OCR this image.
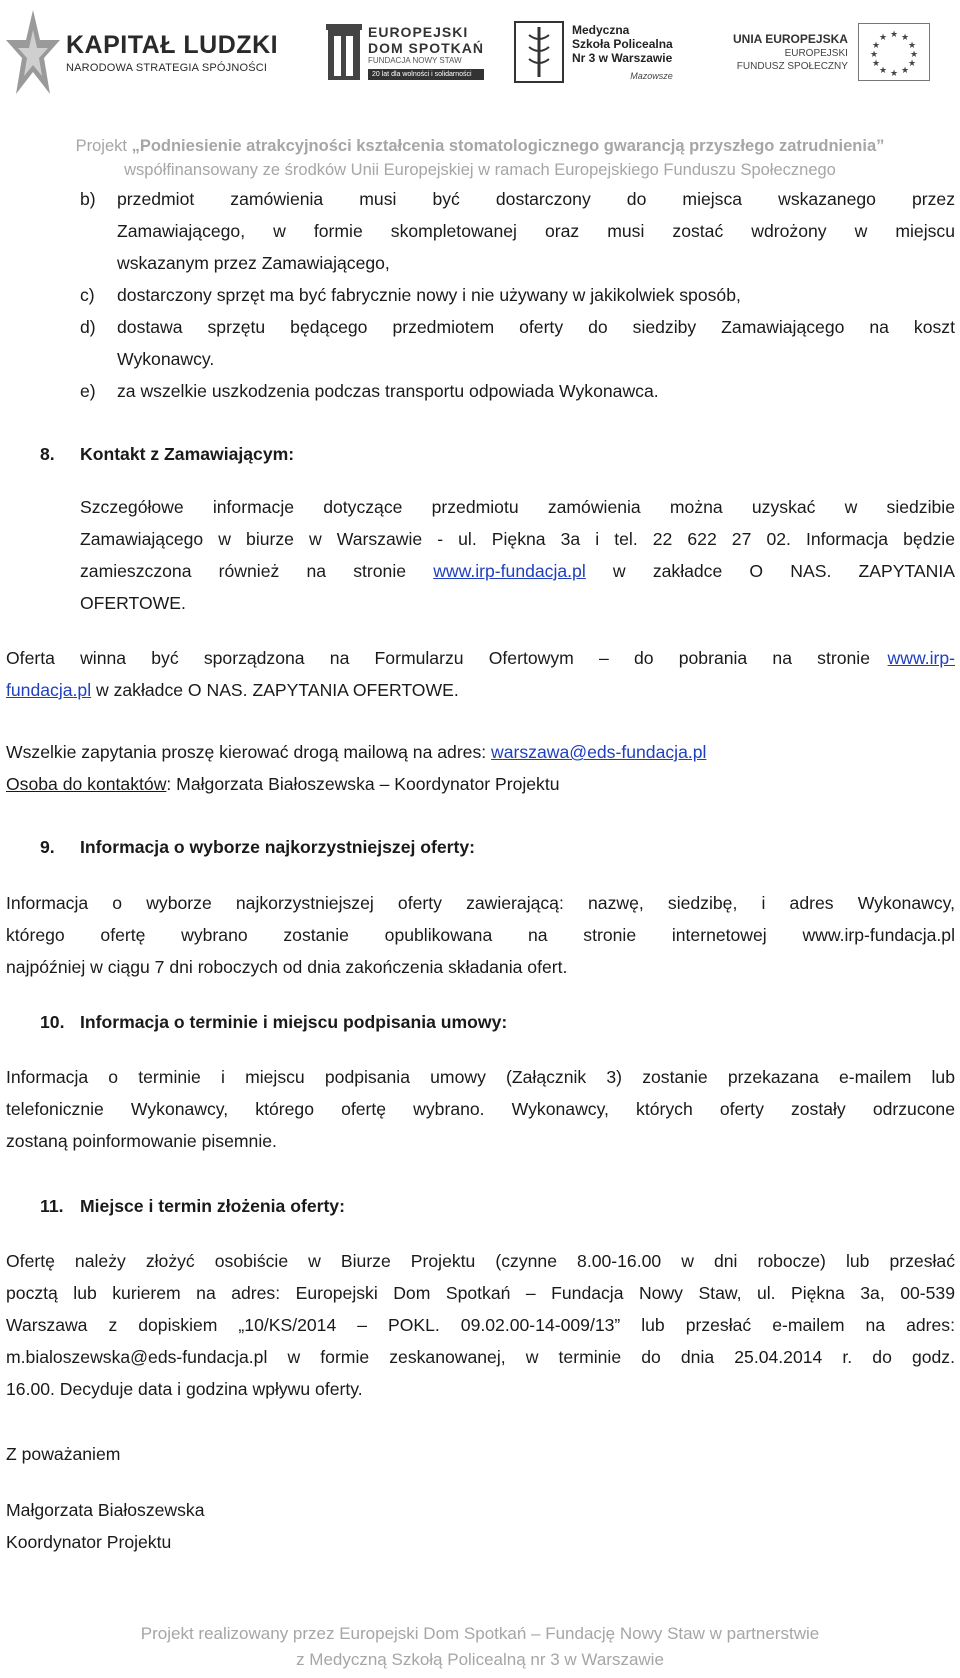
KAPITAŁ LUDZKI
NARODOWA STRATEGIA SPÓJNOŚCI
EUROPEJSKI
DOM SPOTKAŃ
FUNDACJA NOWY STAW
20 lat dla wolności i solidarności
Medyczna
Szkoła Policealna
Nr 3 w Warszawie
Mazowsze
UNIA EUROPEJSKA
EUROPEJSKI
FUNDUSZ SPOŁECZNY
★ ★
★
★
★
★
★
★
★
★
★
★
Projekt „Podniesienie atrakcyjności kształcenia stomatologicznego gwarancją przyszłego zatrudnienia”
współfinansowany ze środków Unii Europejskiej w ramach Europejskiego Funduszu Społecznego
b) przedmiot zamówienia musi być dostarczony do miejsca wskazanego przez
Zamawiającego, w formie skompletowanej oraz musi zostać wdrożony w miejscu
wskazanym przez Zamawiającego,
c) dostarczony sprzęt ma być fabrycznie nowy i nie używany w jakikolwiek sposób,
d) dostawa sprzętu będącego przedmiotem oferty do siedziby Zamawiającego na koszt
Wykonawcy.
e) za wszelkie uszkodzenia podczas transportu odpowiada Wykonawca.
8. Kontakt z Zamawiającym:
Szczegółowe informacje dotyczące przedmiotu zamówienia można uzyskać w siedzibie
Zamawiającego w biurze w Warszawie - ul. Piękna 3a i tel. 22 622 27 02. Informacja będzie
zamieszczona również na stronie www.irp-fundacja.pl w zakładce O NAS. ZAPYTANIA
OFERTOWE.
Oferta winna być sporządzona na Formularzu Ofertowym – do pobrania na stronie www.irp-
fundacja.pl w zakładce O NAS. ZAPYTANIA OFERTOWE.
Wszelkie zapytania proszę kierować drogą mailową na adres: warszawa@eds-fundacja.pl
Osoba do kontaktów: Małgorzata Białoszewska – Koordynator Projektu
9. Informacja o wyborze najkorzystniejszej oferty:
Informacja o wyborze najkorzystniejszej oferty zawierającą: nazwę, siedzibę, i adres Wykonawcy,
którego ofertę wybrano zostanie opublikowana na stronie internetowej www.irp-fundacja.pl
najpóźniej w ciągu 7 dni roboczych od dnia zakończenia składania ofert.
10. Informacja o terminie i miejscu podpisania umowy:
Informacja o terminie i miejscu podpisania umowy (Załącznik 3) zostanie przekazana e-mailem lub
telefonicznie Wykonawcy, którego ofertę wybrano. Wykonawcy, których oferty zostały odrzucone
zostaną poinformowanie pisemnie.
11. Miejsce i termin złożenia oferty:
Ofertę należy złożyć osobiście w Biurze Projektu (czynne 8.00-16.00 w dni robocze) lub przesłać
pocztą lub kurierem na adres: Europejski Dom Spotkań – Fundacja Nowy Staw, ul. Piękna 3a, 00-539
Warszawa z dopiskiem „10/KS/2014 – POKL. 09.02.00-14-009/13” lub przesłać e-mailem na adres:
m.bialoszewska@eds-fundacja.pl w formie zeskanowanej, w terminie do dnia 25.04.2014 r. do godz.
16.00. Decyduje data i godzina wpływu oferty.
Z poważaniem
Małgorzata Białoszewska
Koordynator Projektu
Projekt realizowany przez Europejski Dom Spotkań – Fundację Nowy Staw w partnerstwie
z Medyczną Szkołą Policealną nr 3 w Warszawie
